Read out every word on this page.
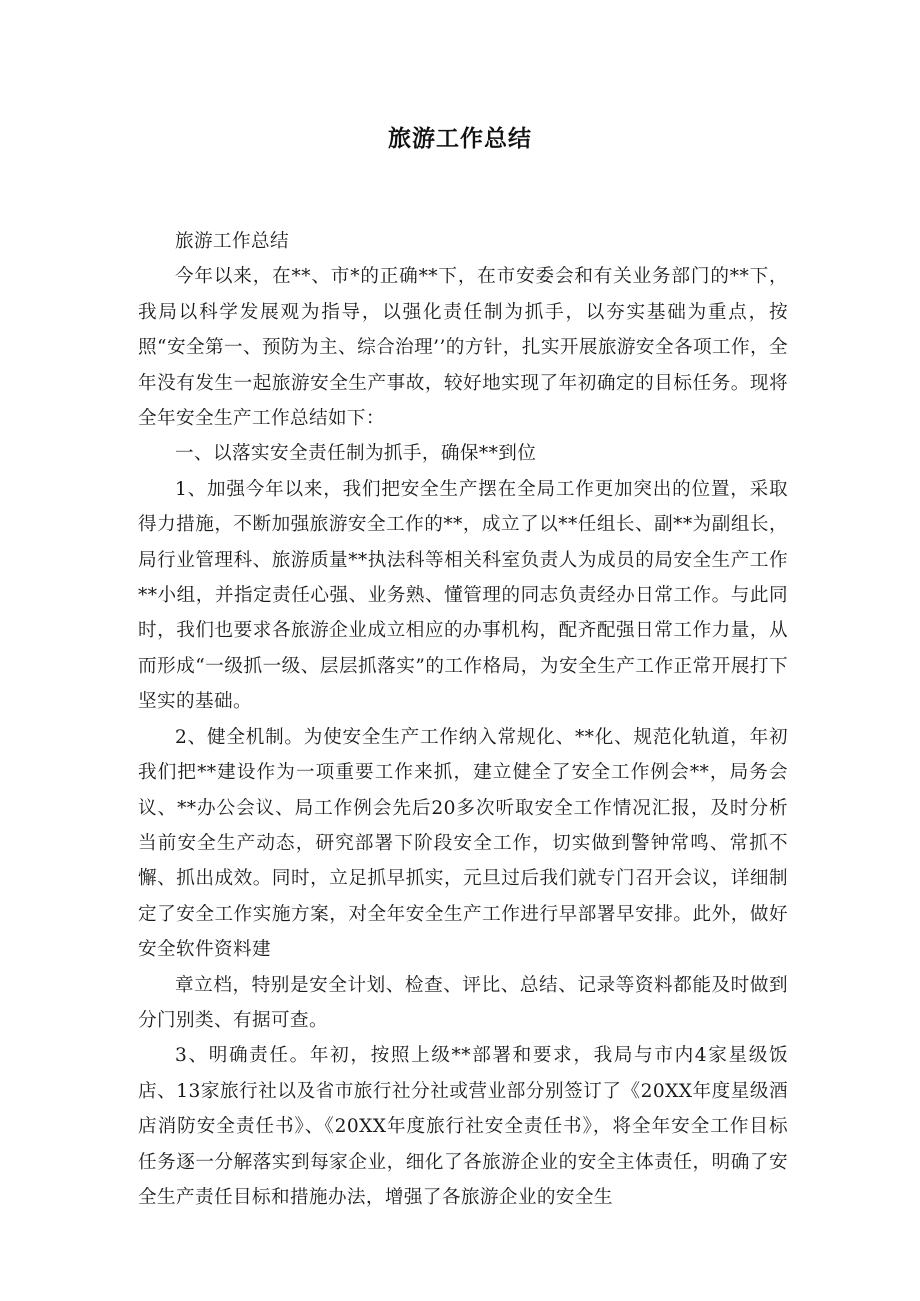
旅游工作总结

旅游工作总结

今年以来，在**、市*的正确**下，在市安委会和有关业务部门的**下，我局以科学发展观为指导，以强化责任制为抓手，以夯实基础为重点，按照“安全第一、预防为主、综合治理’’的方针，扎实开展旅游安全各项工作，全年没有发生一起旅游安全生产事故，较好地实现了年初确定的目标任务。现将全年安全生产工作总结如下：

一、以落实安全责任制为抓手，确保**到位

1、加强今年以来，我们把安全生产摆在全局工作更加突出的位置，采取得力措施，不断加强旅游安全工作的**，成立了以**任组长、副**为副组长，局行业管理科、旅游质量**执法科等相关科室负责人为成员的局安全生产工作**小组，并指定责任心强、业务熟、懂管理的同志负责经办日常工作。与此同时，我们也要求各旅游企业成立相应的办事机构，配齐配强日常工作力量，从而形成“一级抓一级、层层抓落实”的工作格局，为安全生产工作正常开展打下坚实的基础。

2、健全机制。为使安全生产工作纳入常规化、**化、规范化轨道，年初我们把**建设作为一项重要工作来抓，建立健全了安全工作例会**，局务会议、**办公会议、局工作例会先后20多次听取安全工作情况汇报，及时分析当前安全生产动态，研究部署下阶段安全工作，切实做到警钟常鸣、常抓不懈、抓出成效。同时，立足抓早抓实，元旦过后我们就专门召开会议，详细制定了安全工作实施方案，对全年安全生产工作进行早部署早安排。此外，做好安全软件资料建

章立档，特别是安全计划、检查、评比、总结、记录等资料都能及时做到分门别类、有据可查。

3、明确责任。年初，按照上级**部署和要求，我局与市内4家星级饭店、13家旅行社以及省市旅行社分社或营业部分别签订了《20XX年度星级酒店消防安全责任书》、《20XX年度旅行社安全责任书》，将全年安全工作目标任务逐一分解落实到每家企业，细化了各旅游企业的安全主体责任，明确了安全生产责任目标和措施办法，增强了各旅游企业的安全生
